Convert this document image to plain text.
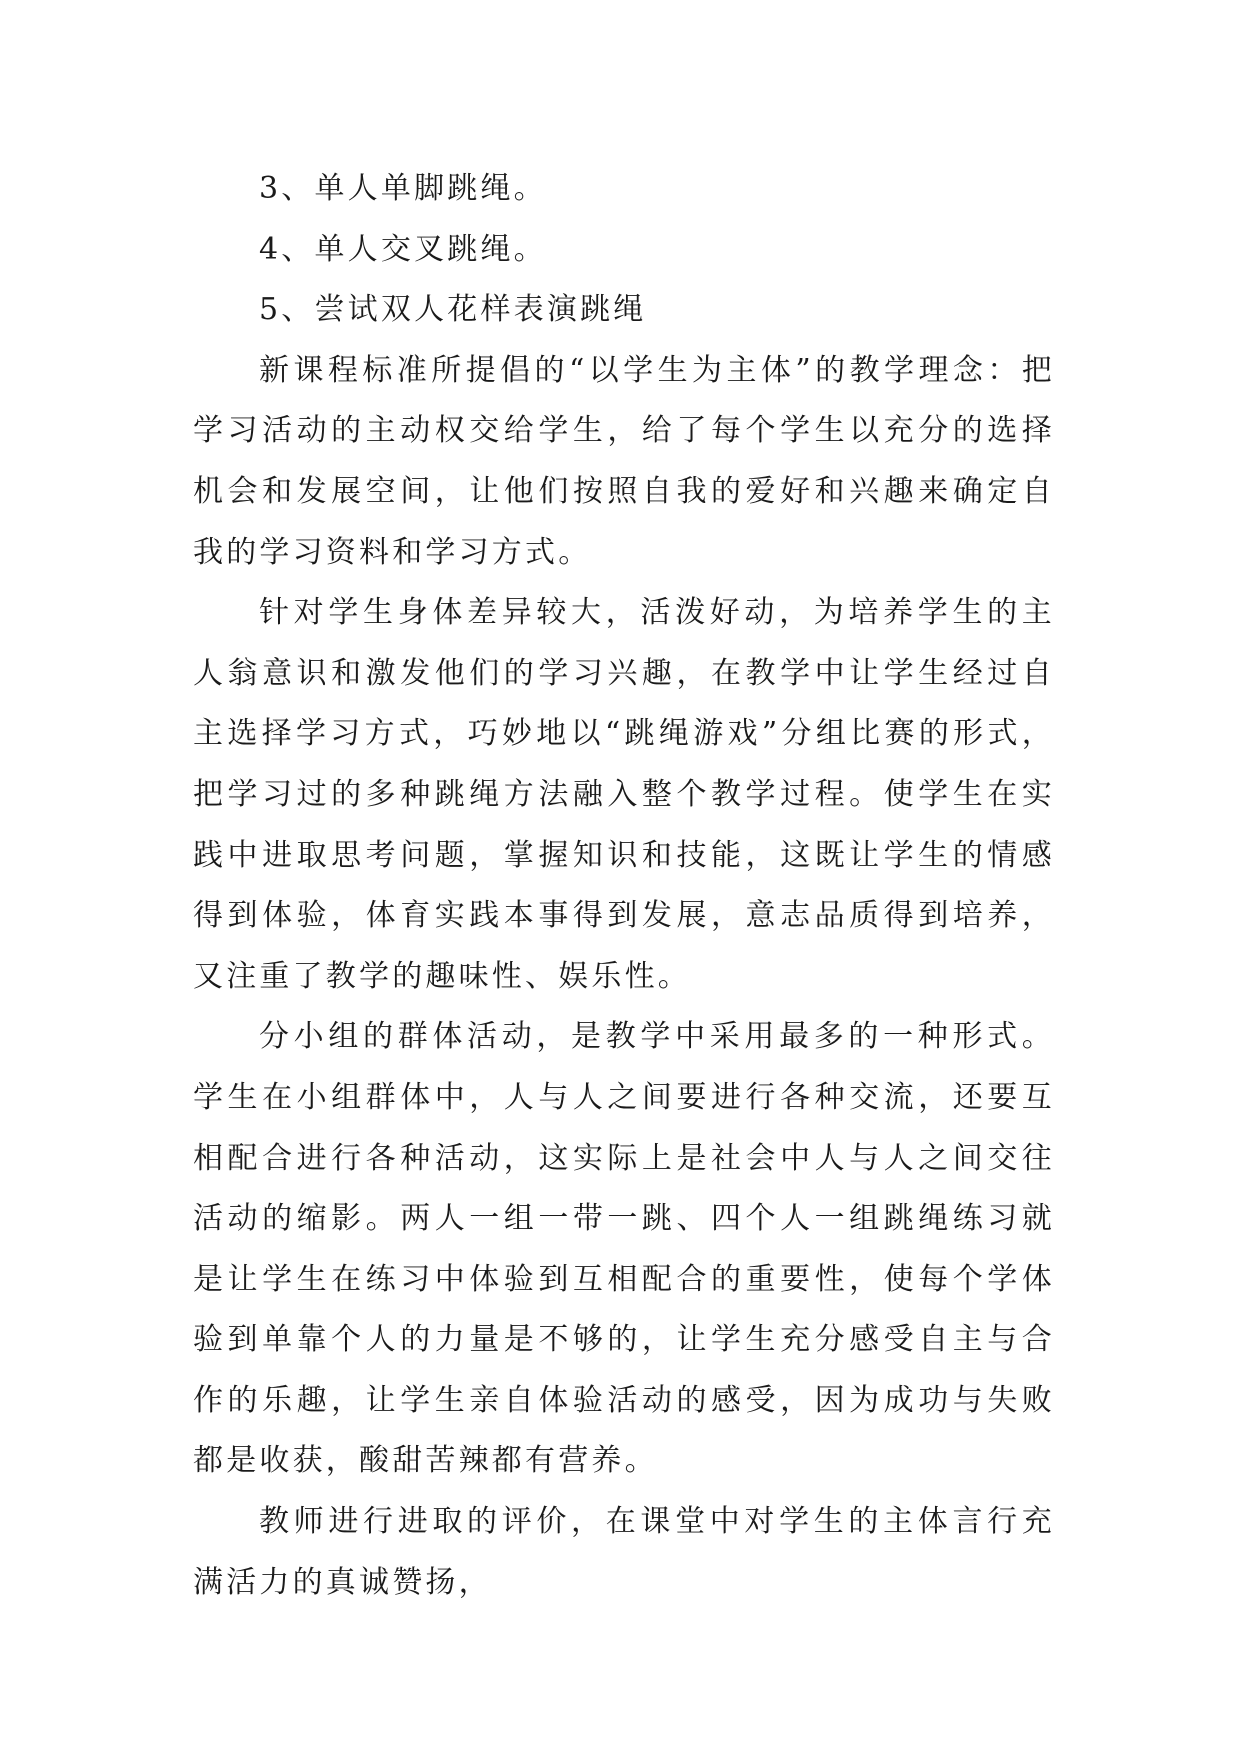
3、单人单脚跳绳。

4、单人交叉跳绳。

5、尝试双人花样表演跳绳

新课程标准所提倡的“以学生为主体”的教学理念：把学习活动的主动权交给学生，给了每个学生以充分的选择机会和发展空间，让他们按照自我的爱好和兴趣来确定自我的学习资料和学习方式。

针对学生身体差异较大，活泼好动，为培养学生的主人翁意识和激发他们的学习兴趣，在教学中让学生经过自主选择学习方式，巧妙地以“跳绳游戏”分组比赛的形式，把学习过的多种跳绳方法融入整个教学过程。使学生在实践中进取思考问题，掌握知识和技能，这既让学生的情感得到体验，体育实践本事得到发展，意志品质得到培养，又注重了教学的趣味性、娱乐性。

分小组的群体活动，是教学中采用最多的一种形式。学生在小组群体中，人与人之间要进行各种交流，还要互相配合进行各种活动，这实际上是社会中人与人之间交往活动的缩影。两人一组一带一跳、四个人一组跳绳练习就是让学生在练习中体验到互相配合的重要性，使每个学体验到单靠个人的力量是不够的，让学生充分感受自主与合作的乐趣，让学生亲自体验活动的感受，因为成功与失败都是收获，酸甜苦辣都有营养。

教师进行进取的评价，在课堂中对学生的主体言行充满活力的真诚赞扬，
